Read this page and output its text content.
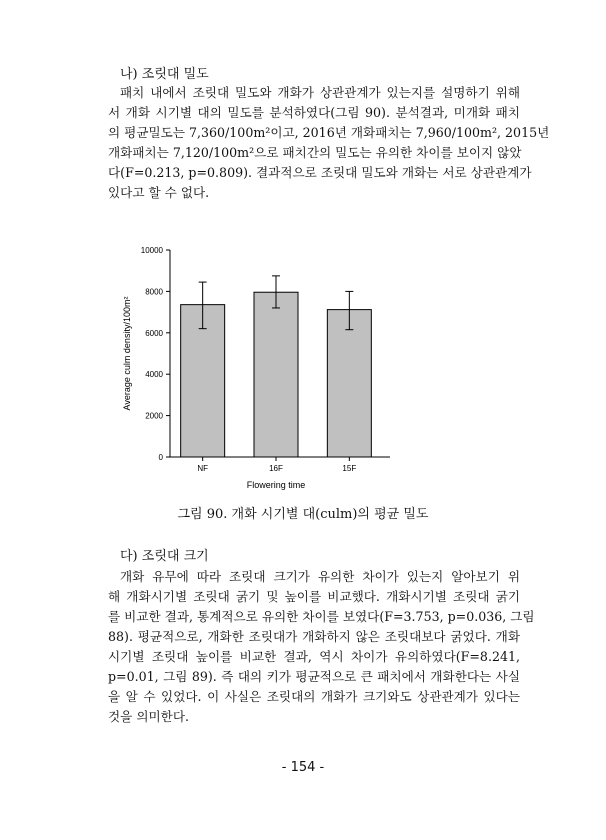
나) 조릿대 밀도
패치 내에서 조릿대 밀도와 개화가 상관관계가 있는지를 설명하기 위해
서 개화 시기별 대의 밀도를 분석하였다(그림 90). 분석결과, 미개화 패치
의 평균밀도는 7,360/100m²이고, 2016년 개화패치는 7,960/100m², 2015년
개화패치는 7,120/100m²으로 패치간의 밀도는 유의한 차이를 보이지 않았
다(F=0.213, p=0.809). 결과적으로 조릿대 밀도와 개화는 서로 상관관계가
있다고 할 수 없다.
0
2000
4000
6000
8000
10000
NF	16F	15F
Flowering time
Average culm density/100m²
그림 90. 개화 시기별 대(culm)의 평균 밀도
다) 조릿대 크기
개화 유무에 따라 조릿대 크기가 유의한 차이가 있는지 알아보기 위
해 개화시기별 조릿대 굵기 및 높이를 비교했다. 개화시기별 조릿대 굵기
를 비교한 결과, 통계적으로 유의한 차이를 보였다(F=3.753, p=0.036, 그림
88). 평균적으로, 개화한 조릿대가 개화하지 않은 조릿대보다 굵었다. 개화
시기별 조릿대 높이를 비교한 결과, 역시 차이가 유의하였다(F=8.241,
p=0.01, 그림 89). 즉 대의 키가 평균적으로 큰 패치에서 개화한다는 사실
을 알 수 있었다. 이 사실은 조릿대의 개화가 크기와도 상관관계가 있다는
것을 의미한다.
- 154 -
